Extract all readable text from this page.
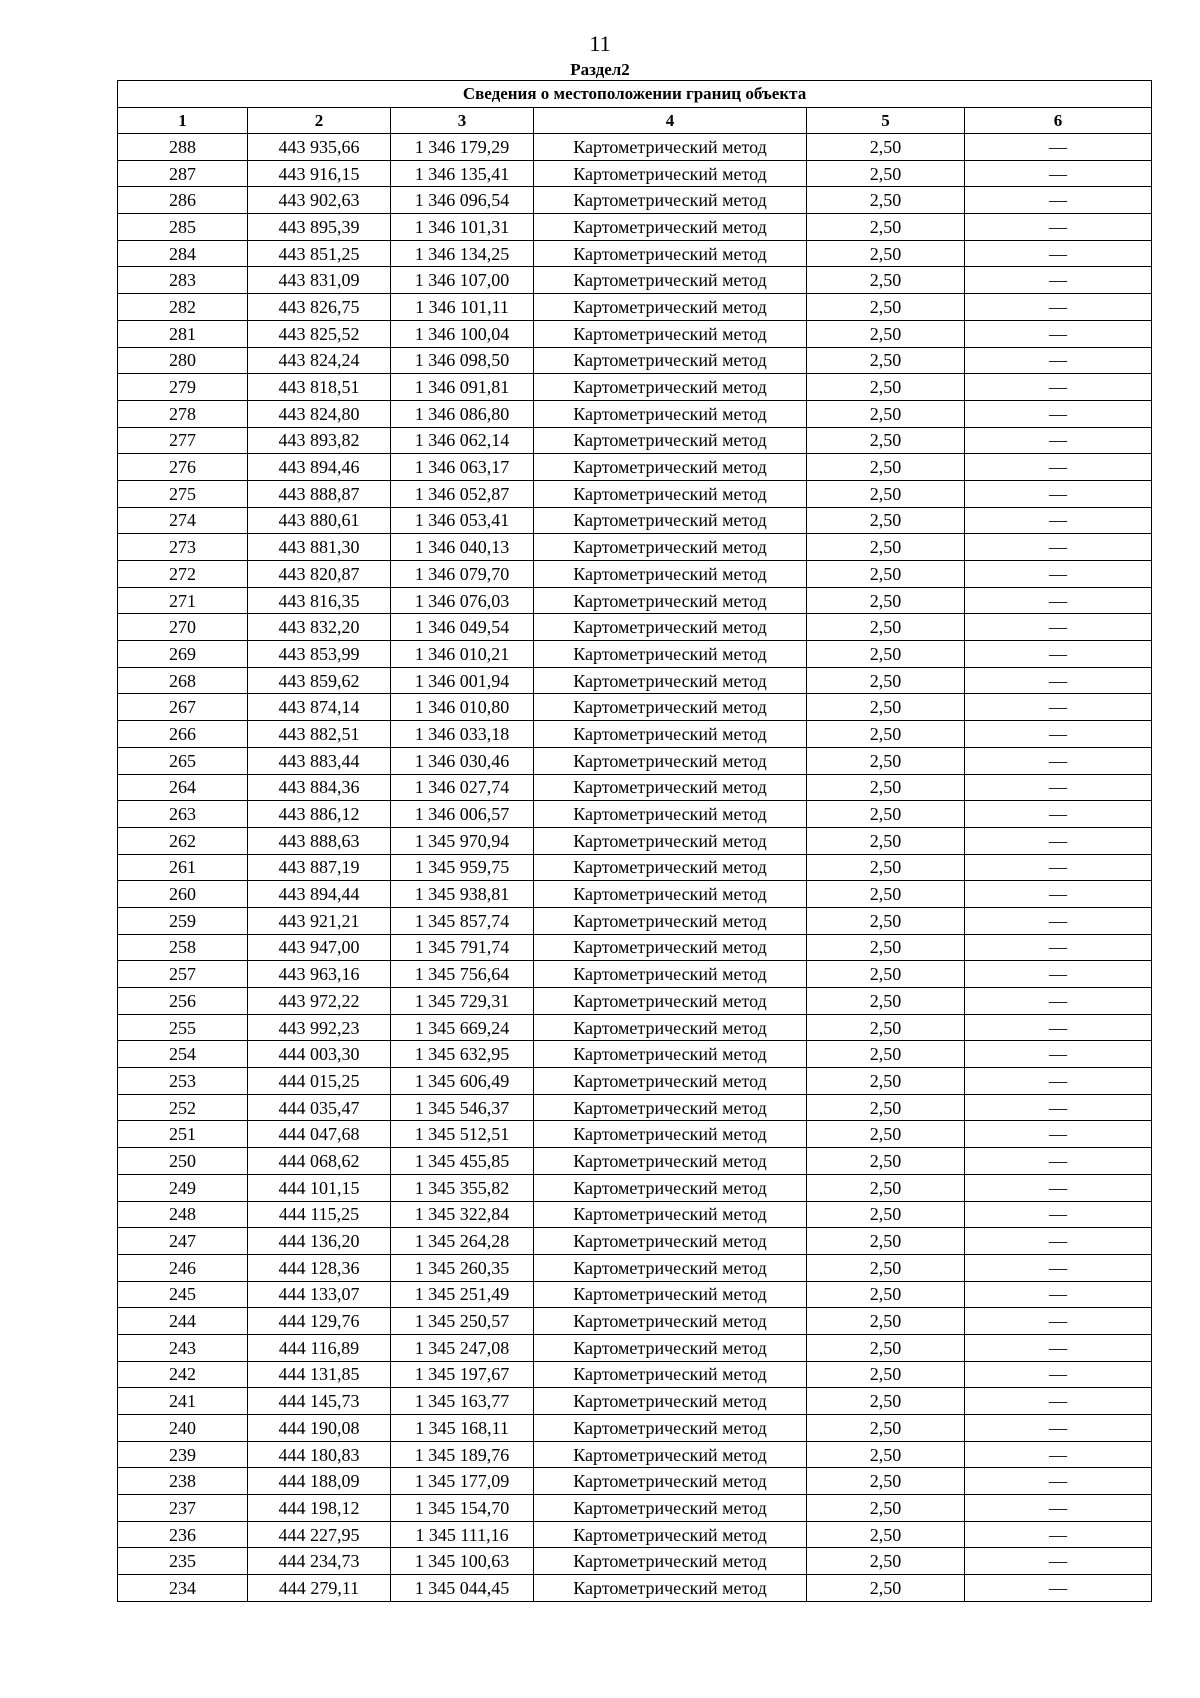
11
Раздел2
Сведения о местоположении границ объекта					
1	2	3	4	5	6
288	443 935,66	1 346 179,29	Картометрический метод	2,50	—
287	443 916,15	1 346 135,41	Картометрический метод	2,50	—
286	443 902,63	1 346 096,54	Картометрический метод	2,50	—
285	443 895,39	1 346 101,31	Картометрический метод	2,50	—
284	443 851,25	1 346 134,25	Картометрический метод	2,50	—
283	443 831,09	1 346 107,00	Картометрический метод	2,50	—
282	443 826,75	1 346 101,11	Картометрический метод	2,50	—
281	443 825,52	1 346 100,04	Картометрический метод	2,50	—
280	443 824,24	1 346 098,50	Картометрический метод	2,50	—
279	443 818,51	1 346 091,81	Картометрический метод	2,50	—
278	443 824,80	1 346 086,80	Картометрический метод	2,50	—
277	443 893,82	1 346 062,14	Картометрический метод	2,50	—
276	443 894,46	1 346 063,17	Картометрический метод	2,50	—
275	443 888,87	1 346 052,87	Картометрический метод	2,50	—
274	443 880,61	1 346 053,41	Картометрический метод	2,50	—
273	443 881,30	1 346 040,13	Картометрический метод	2,50	—
272	443 820,87	1 346 079,70	Картометрический метод	2,50	—
271	443 816,35	1 346 076,03	Картометрический метод	2,50	—
270	443 832,20	1 346 049,54	Картометрический метод	2,50	—
269	443 853,99	1 346 010,21	Картометрический метод	2,50	—
268	443 859,62	1 346 001,94	Картометрический метод	2,50	—
267	443 874,14	1 346 010,80	Картометрический метод	2,50	—
266	443 882,51	1 346 033,18	Картометрический метод	2,50	—
265	443 883,44	1 346 030,46	Картометрический метод	2,50	—
264	443 884,36	1 346 027,74	Картометрический метод	2,50	—
263	443 886,12	1 346 006,57	Картометрический метод	2,50	—
262	443 888,63	1 345 970,94	Картометрический метод	2,50	—
261	443 887,19	1 345 959,75	Картометрический метод	2,50	—
260	443 894,44	1 345 938,81	Картометрический метод	2,50	—
259	443 921,21	1 345 857,74	Картометрический метод	2,50	—
258	443 947,00	1 345 791,74	Картометрический метод	2,50	—
257	443 963,16	1 345 756,64	Картометрический метод	2,50	—
256	443 972,22	1 345 729,31	Картометрический метод	2,50	—
255	443 992,23	1 345 669,24	Картометрический метод	2,50	—
254	444 003,30	1 345 632,95	Картометрический метод	2,50	—
253	444 015,25	1 345 606,49	Картометрический метод	2,50	—
252	444 035,47	1 345 546,37	Картометрический метод	2,50	—
251	444 047,68	1 345 512,51	Картометрический метод	2,50	—
250	444 068,62	1 345 455,85	Картометрический метод	2,50	—
249	444 101,15	1 345 355,82	Картометрический метод	2,50	—
248	444 115,25	1 345 322,84	Картометрический метод	2,50	—
247	444 136,20	1 345 264,28	Картометрический метод	2,50	—
246	444 128,36	1 345 260,35	Картометрический метод	2,50	—
245	444 133,07	1 345 251,49	Картометрический метод	2,50	—
244	444 129,76	1 345 250,57	Картометрический метод	2,50	—
243	444 116,89	1 345 247,08	Картометрический метод	2,50	—
242	444 131,85	1 345 197,67	Картометрический метод	2,50	—
241	444 145,73	1 345 163,77	Картометрический метод	2,50	—
240	444 190,08	1 345 168,11	Картометрический метод	2,50	—
239	444 180,83	1 345 189,76	Картометрический метод	2,50	—
238	444 188,09	1 345 177,09	Картометрический метод	2,50	—
237	444 198,12	1 345 154,70	Картометрический метод	2,50	—
236	444 227,95	1 345 111,16	Картометрический метод	2,50	—
235	444 234,73	1 345 100,63	Картометрический метод	2,50	—
234	444 279,11	1 345 044,45	Картометрический метод	2,50	—
